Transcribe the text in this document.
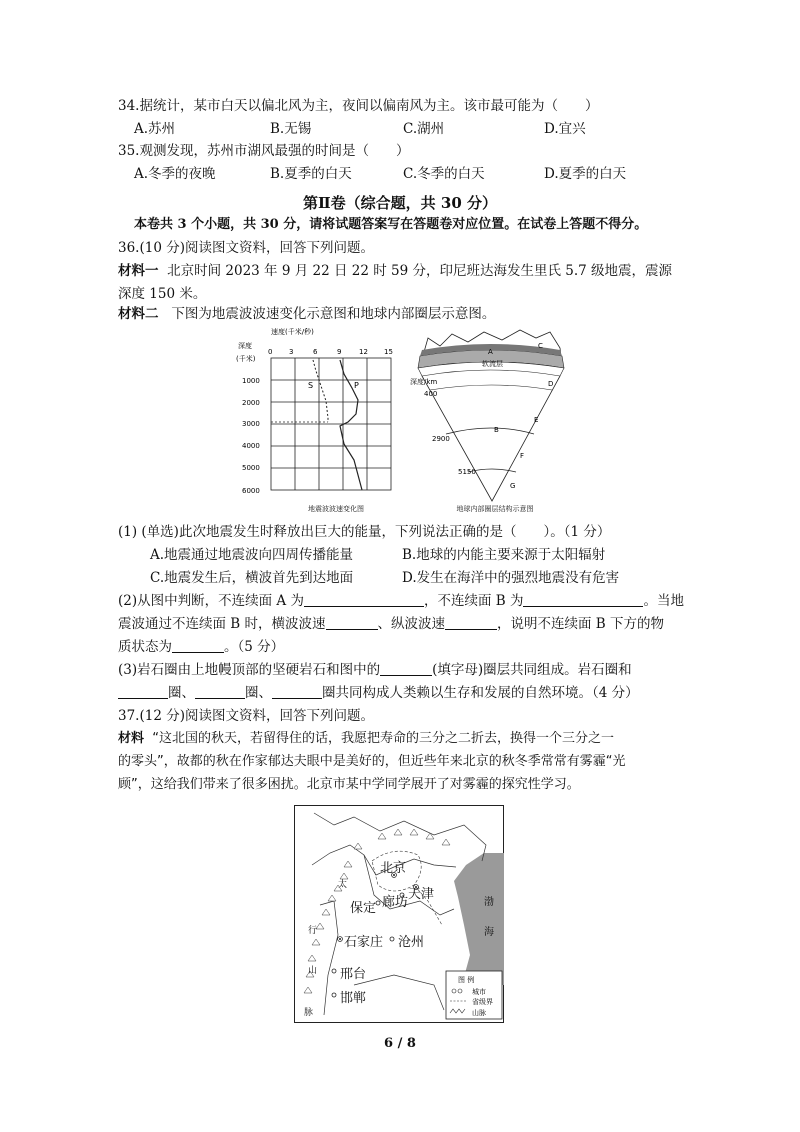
34.据统计，某市白天以偏北风为主，夜间以偏南风为主。该市最可能为（　　）
A.苏州	B.无锡	C.湖州	D.宜兴
35.观测发现，苏州市湖风最强的时间是（　　）
A.冬季的夜晚	B.夏季的白天	C.冬季的白天	D.夏季的白天
第Ⅱ卷（综合题，共 30 分）
本卷共 3 个小题，共 30 分，请将试题答案写在答题卷对应位置。在试卷上答题不得分。
36.(10 分)阅读图文资料，回答下列问题。
材料一 北京时间 2023 年 9 月 22 日 22 时 59 分，印尼班达海发生里氏 5.7 级地震，震源
深度 150 米。
材料二 下图为地震波波速变化示意图和地球内部圈层示意图。
速度(千米/秒)
深度
(千米)
0 3	6	9	12 15
1000
2000
3000
4000
5000
6000
S	P
地震波波速变化图
A
B
C
D
E
F
G
软流层
深度/km
400
2900
5150
地球内部圈层结构示意图
(1) (单选)此次地震发生时释放出巨大的能量，下列说法正确的是（　　）。（1 分）
A.地震通过地震波向四周传播能量	B.地球的内能主要来源于太阳辐射
C.地震发生后，横波首先到达地面	D.发生在海洋中的强烈地震没有危害
(2)从图中判断，不连续面 A 为	，不连续面 B 为	。当地
震波通过不连续面 B 时，横波波速	、纵波波速	，说明不连续面 B 下方的物
质状态为	。（5 分）
(3)岩石圈由上地幔顶部的坚硬岩石和图中的	(填字母)圈层共同组成。岩石圈和
圈、	圈、	圈共同构成人类赖以生存和发展的自然环境。（4 分）
37.(12 分)阅读图文资料，回答下列问题。
材料 “这北国的秋天，若留得住的话，我愿把寿命的三分之二折去，换得一个三分之一
的零头”，故都的秋在作家郁达夫眼中是美好的，但近些年来北京的秋冬季常常有雾霾“光
顾”，这给我们带来了很多困扰。北京市某中学同学展开了对雾霾的探究性学习。
图 例
城市
省级界
山脉
北京
天津
廊坊
保定
石家庄 沧州
邢台
邯郸
渤
海
太
行
山
脉
6 / 8
